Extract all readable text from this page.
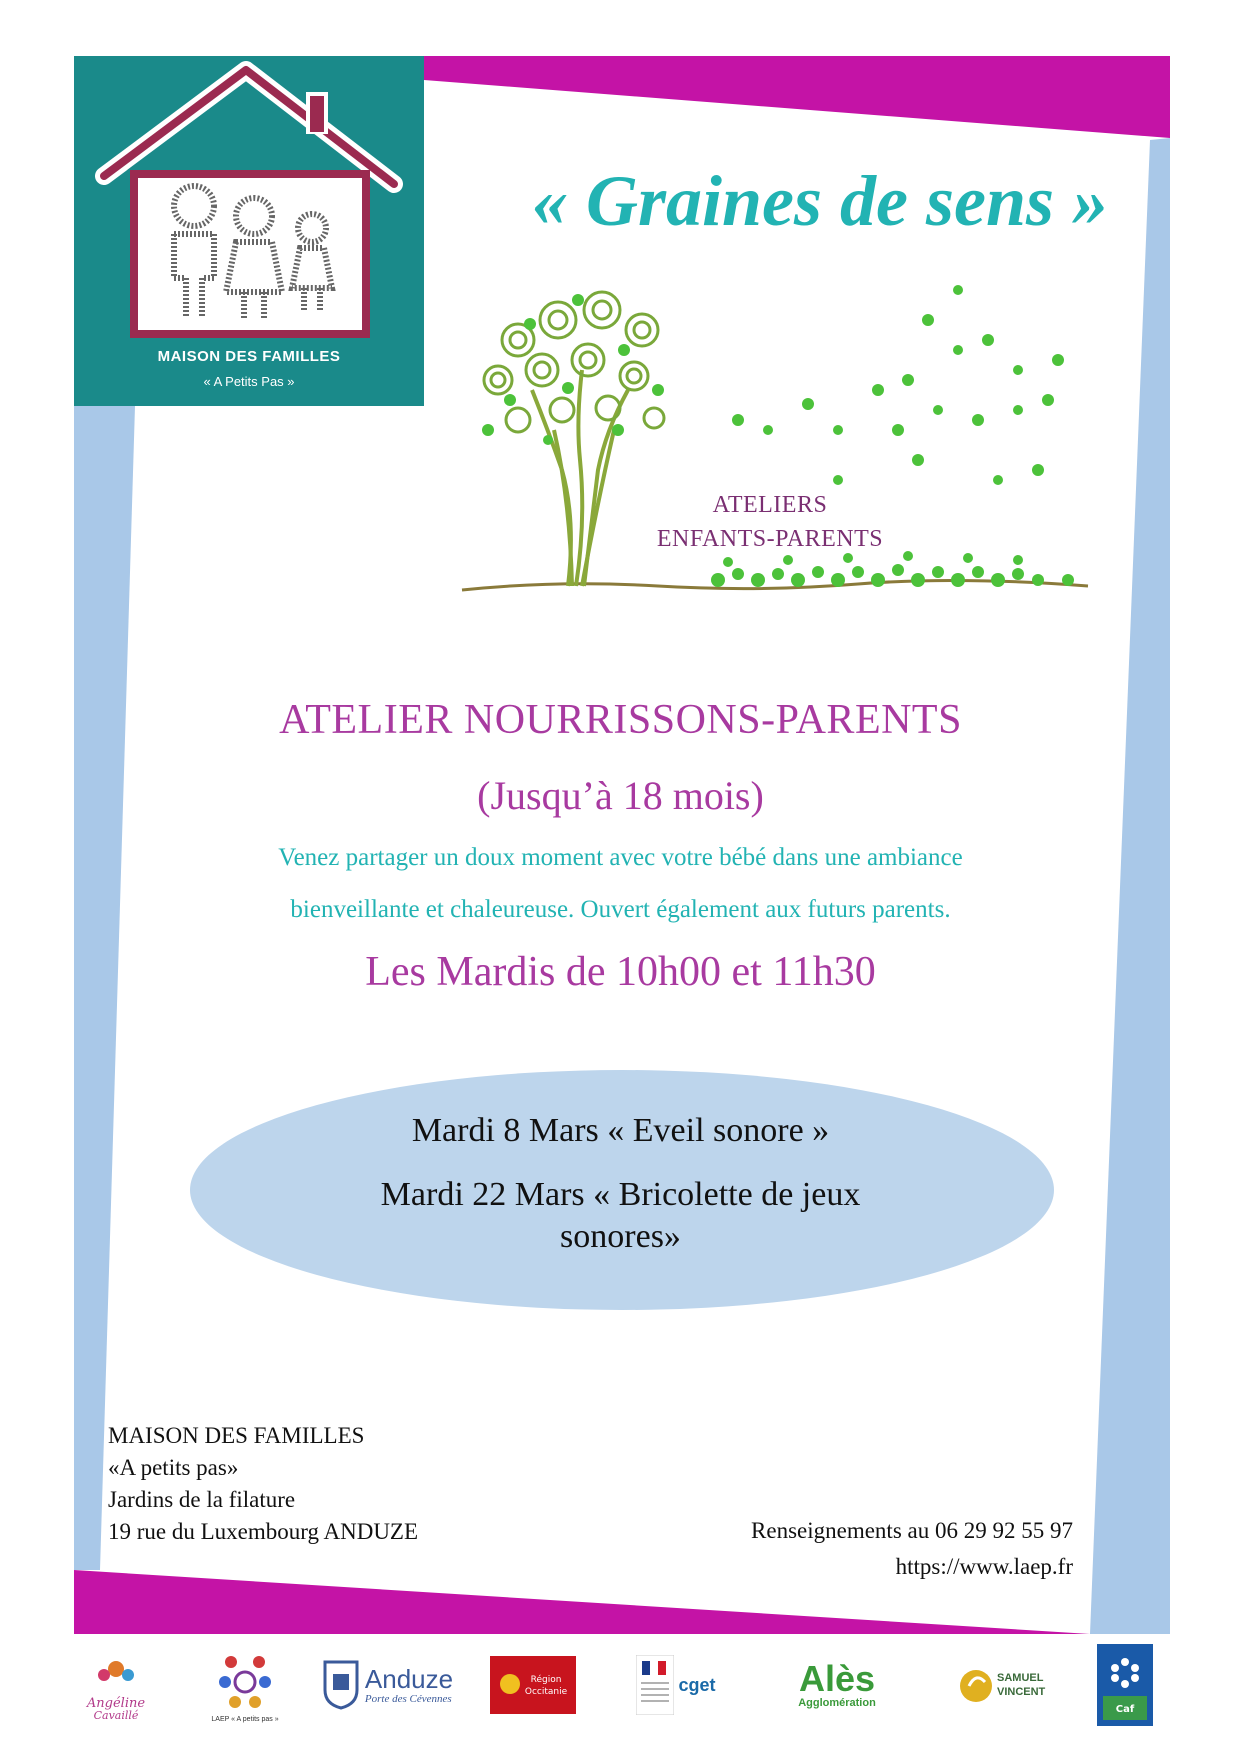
MAISON DES FAMILLES
« A Petits Pas »
« Graines de sens »
ATELIERS
ENFANTS-PARENTS
ATELIER NOURRISSONS-PARENTS
(Jusqu’à 18 mois)
Venez partager un doux moment avec votre bébé dans une ambiance
bienveillante et chaleureuse. Ouvert également aux futurs parents.
Les Mardis de 10h00 et 11h30
Mardi 8 Mars « Eveil sonore »
Mardi 22 Mars « Bricolette de jeux
sonores»
MAISON DES FAMILLES
«A petits pas»
Jardins de la filature
19 rue du Luxembourg ANDUZE	Renseignements au 06 29 92 55 97
https://www.laep.fr
Angéline
Cavaillé	LAEP « A petits pas »
Anduze
Porte des Cévennes
Région
Occitanie	cget Alès
Agglomération
SAMUEL VINCENT
Caf
